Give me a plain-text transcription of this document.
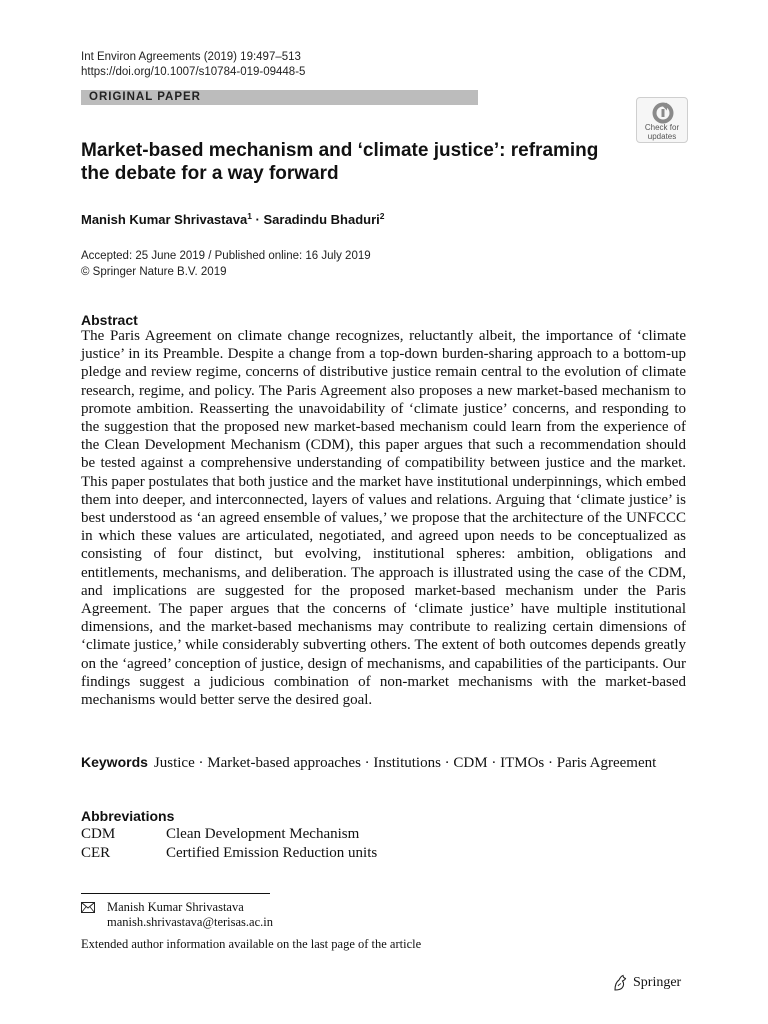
Int Environ Agreements (2019) 19:497–513
https://doi.org/10.1007/s10784-019-09448-5
ORIGINAL PAPER
Check for
updates
Market-based mechanism and ‘climate justice’: reframing the debate for a way forward
Manish Kumar Shrivastava$^1$ · Saradindu Bhaduri$^2$
Accepted: 25 June 2019 / Published online: 16 July 2019
© Springer Nature B.V. 2019
Abstract
The Paris Agreement on climate change recognizes, reluctantly albeit, the importance of ‘climate justice’ in its Preamble. Despite a change from a top-down burden-sharing approach to a bottom-up pledge and review regime, concerns of distributive justice remain central to the evolution of climate research, regime, and policy. The Paris Agreement also proposes a new market-based mechanism to promote ambition. Reasserting the unavoidability of ‘climate justice’ concerns, and responding to the suggestion that the proposed new market-based mechanism could learn from the experience of the Clean Development Mechanism (CDM), this paper argues that such a recommendation should be tested against a comprehensive understanding of compatibility between justice and the market. This paper postulates that both justice and the market have institutional underpinnings, which embed them into deeper, and interconnected, layers of values and relations. Arguing that ‘climate justice’ is best understood as ‘an agreed ensemble of values,’ we propose that the architecture of the UNFCCC in which these values are articulated, negotiated, and agreed upon needs to be conceptualized as consisting of four distinct, but evolving, institutional spheres: ambition, obligations and entitlements, mechanisms, and deliberation. The approach is illustrated using the case of the CDM, and implications are suggested for the proposed market-based mechanism under the Paris Agreement. The paper argues that the concerns of ‘climate justice’ have multiple institutional dimensions, and the market-based mechanisms may contribute to realizing certain dimensions of ‘climate justice,’ while considerably subverting others. The extent of both outcomes depends greatly on the ‘agreed’ conception of justice, design of mechanisms, and capabilities of the participants. Our findings suggest a judicious combination of non-market mechanisms with the market-based mechanisms would better serve the desired goal.
Keywords Justice · Market-based approaches · Institutions · CDM · ITMOs · Paris Agreement
Abbreviations
CDM	Clean Development Mechanism
CER	Certified Emission Reduction units
Manish Kumar Shrivastava
manish.shrivastava@terisas.ac.in
Extended author information available on the last page of the article
Springer
